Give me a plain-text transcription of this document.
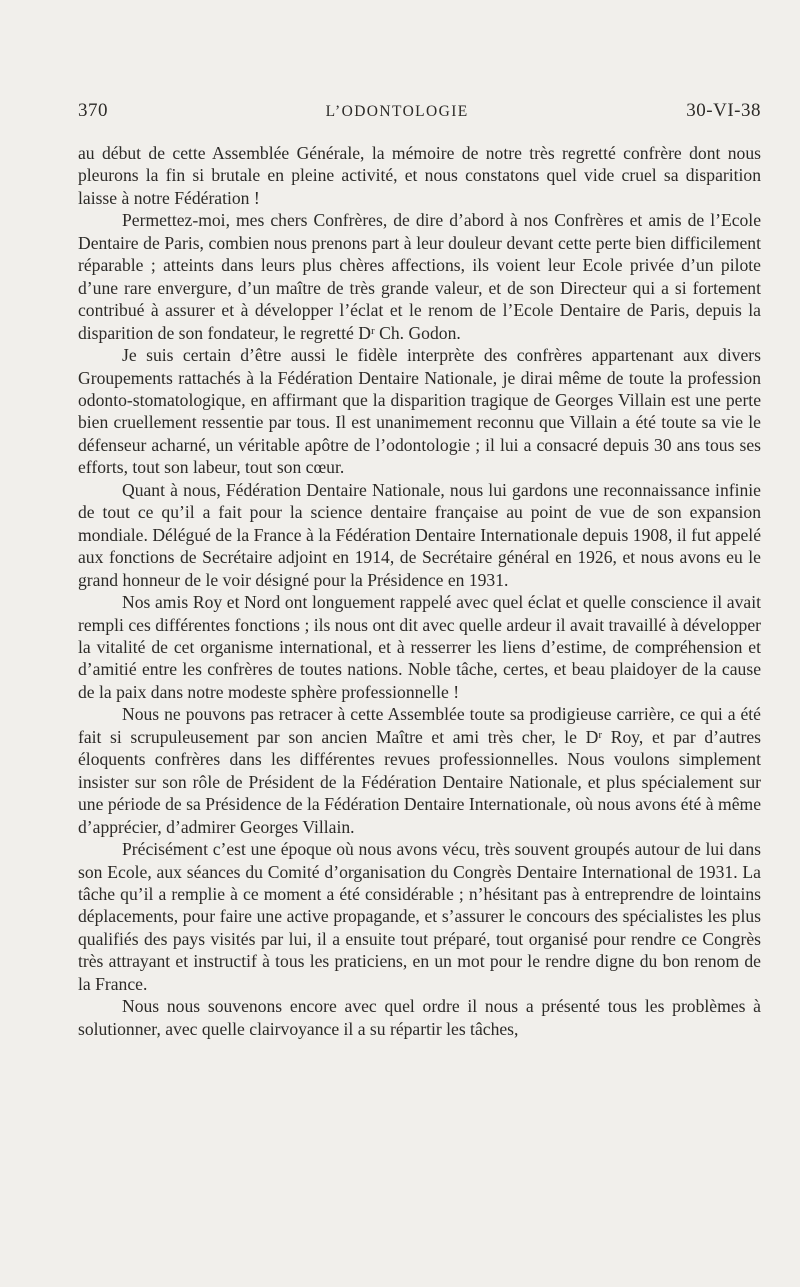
370	L’ODONTOLOGIE	30-VI-38

au début de cette Assemblée Générale, la mémoire de notre très regretté confrère dont nous pleurons la fin si brutale en pleine activité, et nous constatons quel vide cruel sa disparition laisse à notre Fédération !

Permettez-moi, mes chers Confrères, de dire d’abord à nos Confrères et amis de l’Ecole Dentaire de Paris, combien nous prenons part à leur douleur devant cette perte bien difficilement réparable ; atteints dans leurs plus chères affections, ils voient leur Ecole privée d’un pilote d’une rare envergure, d’un maître de très grande valeur, et de son Directeur qui a si fortement contribué à assurer et à développer l’éclat et le renom de l’Ecole Dentaire de Paris, depuis la disparition de son fondateur, le regretté Dʳ Ch. Godon.

Je suis certain d’être aussi le fidèle interprète des confrères appartenant aux divers Groupements rattachés à la Fédération Dentaire Nationale, je dirai même de toute la profession odonto-stomatologique, en affirmant que la disparition tragique de Georges Villain est une perte bien cruellement ressentie par tous. Il est unanimement reconnu que Villain a été toute sa vie le défenseur acharné, un véritable apôtre de l’odontologie ; il lui a consacré depuis 30 ans tous ses efforts, tout son labeur, tout son cœur.

Quant à nous, Fédération Dentaire Nationale, nous lui gardons une reconnaissance infinie de tout ce qu’il a fait pour la science dentaire française au point de vue de son expansion mondiale. Délégué de la France à la Fédération Dentaire Internationale depuis 1908, il fut appelé aux fonctions de Secrétaire adjoint en 1914, de Secrétaire général en 1926, et nous avons eu le grand honneur de le voir désigné pour la Présidence en 1931.

Nos amis Roy et Nord ont longuement rappelé avec quel éclat et quelle conscience il avait rempli ces différentes fonctions ; ils nous ont dit avec quelle ardeur il avait travaillé à développer la vitalité de cet organisme international, et à resserrer les liens d’estime, de compréhension et d’amitié entre les confrères de toutes nations. Noble tâche, certes, et beau plaidoyer de la cause de la paix dans notre modeste sphère professionnelle !

Nous ne pouvons pas retracer à cette Assemblée toute sa prodigieuse carrière, ce qui a été fait si scrupuleusement par son ancien Maître et ami très cher, le Dʳ Roy, et par d’autres éloquents confrères dans les différentes revues professionnelles. Nous voulons simplement insister sur son rôle de Président de la Fédération Dentaire Nationale, et plus spécialement sur une période de sa Présidence de la Fédération Dentaire Internationale, où nous avons été à même d’apprécier, d’admirer Georges Villain.

Précisément c’est une époque où nous avons vécu, très souvent groupés autour de lui dans son Ecole, aux séances du Comité d’organisation du Congrès Dentaire International de 1931. La tâche qu’il a remplie à ce moment a été considérable ; n’hésitant pas à entreprendre de lointains déplacements, pour faire une active propagande, et s’assurer le concours des spécialistes les plus qualifiés des pays visités par lui, il a ensuite tout préparé, tout organisé pour rendre ce Congrès très attrayant et instructif à tous les praticiens, en un mot pour le rendre digne du bon renom de la France.

Nous nous souvenons encore avec quel ordre il nous a présenté tous les problèmes à solutionner, avec quelle clairvoyance il a su répartir les tâches,
